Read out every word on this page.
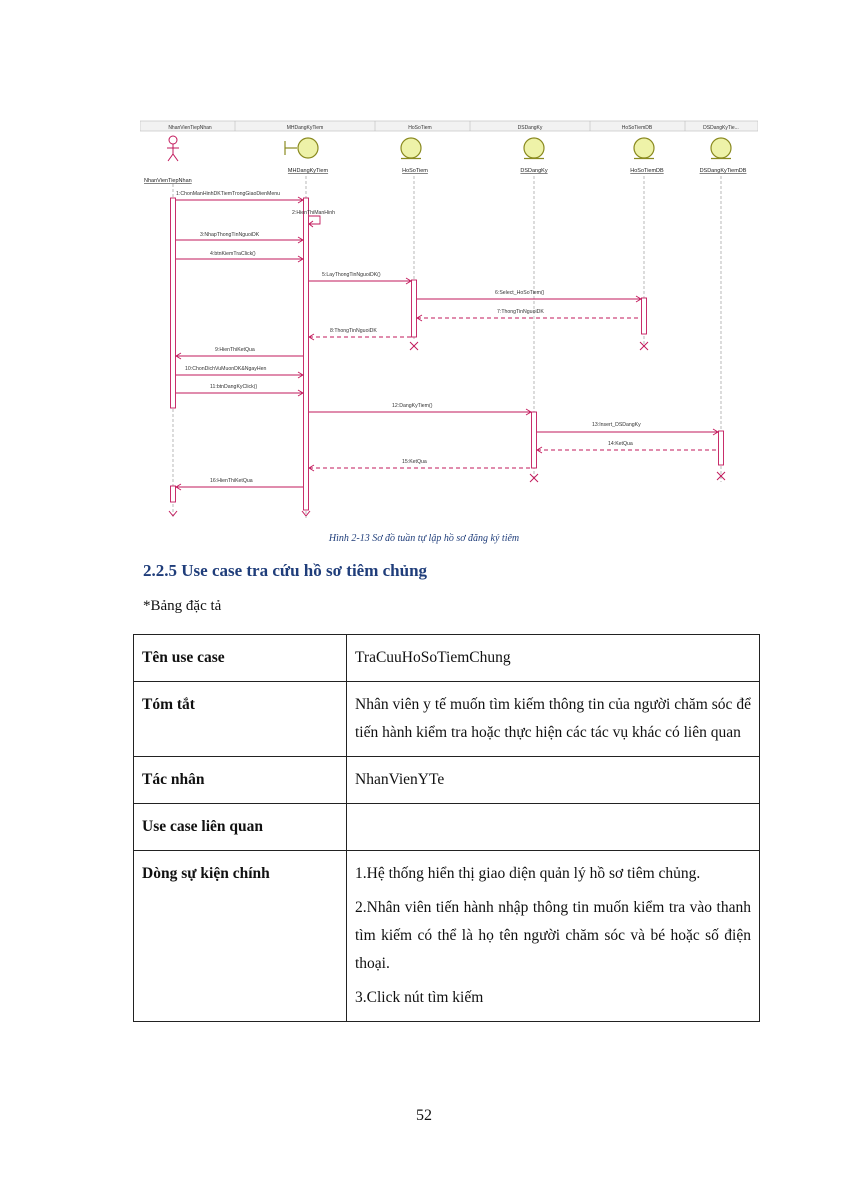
NhanVienTiepNhan	MHDangKyTiem	HoSoTiem	DSDangKy	HoSoTiemDB	DSDangKyTie...
NhanVienTiepNhan
MHDangKyTiem	HoSoTiem	DSDangKy	HoSoTiemDB	DSDangKyTiemDB
1:ChonManHinhDKTiemTrongGiaoDienMenu
2:HienThiManHinh
3:NhapThongTinNguoiDK
4:btnKiemTraClick()
5:LayThongTinNguoiDK()
6:Select_HoSoTiem()
7:ThongTinNguoiDK
8:ThongTinNguoiDK
9:HienThiKetQua
10:ChonDichVuMuonDK&NgayHen
11:btnDangKyClick()
12:DangKyTiem()
13:Insert_DSDangKy
14:KetQua
15:KetQua
16:HienThiKetQua
Hình 2-13 Sơ đồ tuần tự lập hồ sơ đăng ký tiêm
2.2.5 Use case tra cứu hồ sơ tiêm chủng
*Bảng đặc tả
Tên use case	TraCuuHoSoTiemChung
Tóm tắt	Nhân viên y tế muốn tìm kiếm thông tin của người chăm sóc để tiến hành kiểm tra hoặc thực hiện các tác vụ khác có liên quan
Tác nhân	NhanVienYTe
Use case liên quan	
Dòng sự kiện chính	1.Hệ thống hiển thị giao diện quản lý hồ sơ tiêm chủng.

2.Nhân viên tiến hành nhập thông tin muốn kiểm tra vào thanh tìm kiếm có thể là họ tên người chăm sóc và bé hoặc số điện thoại.

3.Click nút tìm kiếm

52
